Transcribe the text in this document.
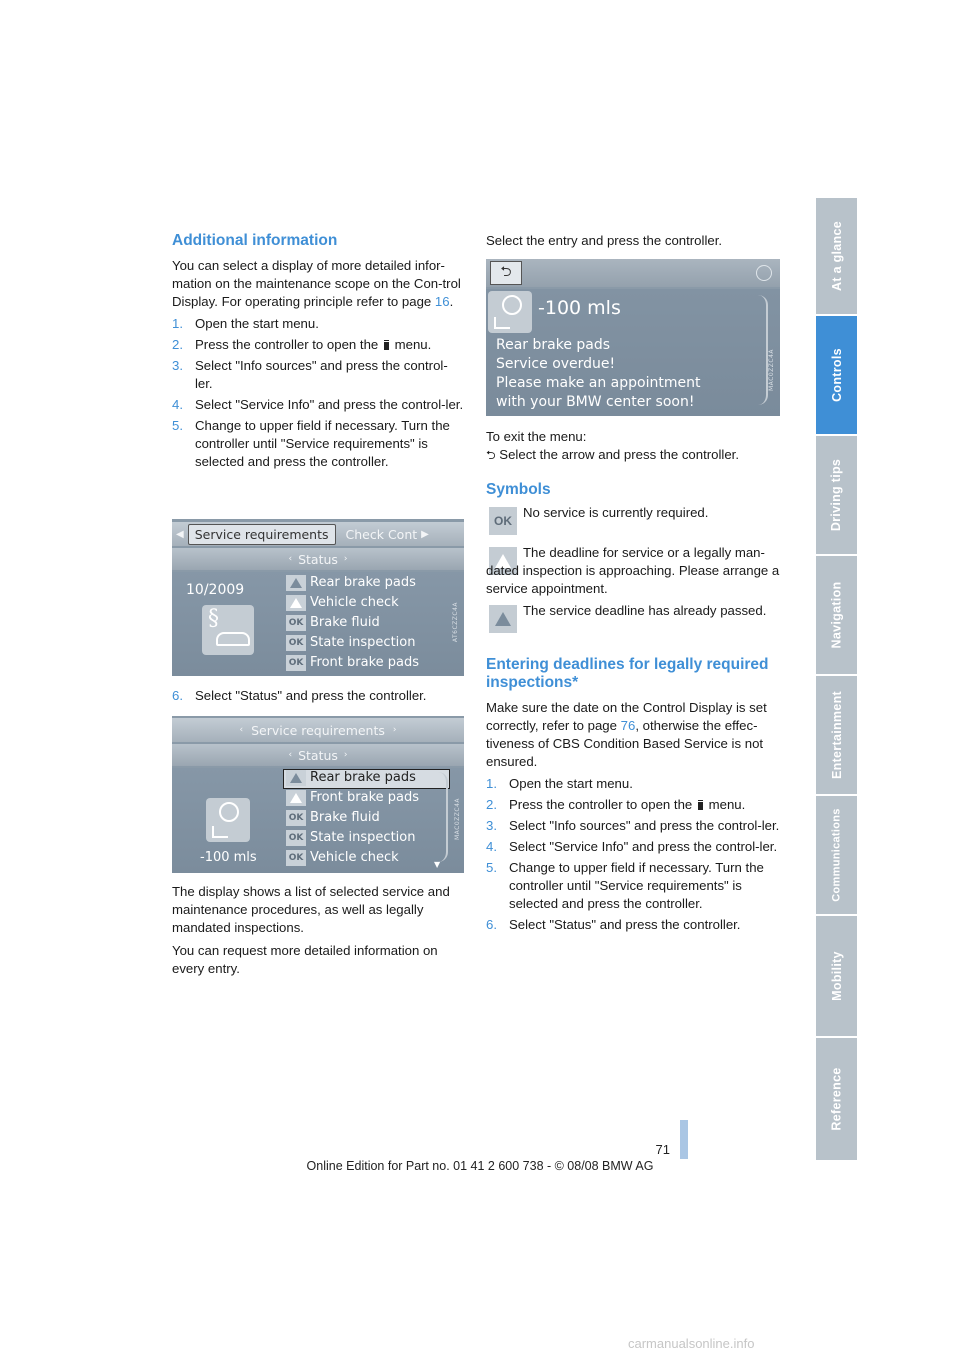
Additional information

You can select a display of more detailed infor-mation on the maintenance scope on the Con-trol Display. For operating principle refer to page 16.

1. Open the start menu.
2. Press the controller to open the menu.
3. Select "Info sources" and press the control-ler.
4. Select "Service Info" and press the control-ler.
5. Change to upper field if necessary. Turn the controller until "Service requirements" is selected and press the controller.
◀ Service requirements	Check Cont ▶
‹ Status ›
10/2009
§
Rear brake pads
Vehicle check
OK Brake fluid
OK State inspection
OK Front brake pads
AT6CZZC4A
6. Select "Status" and press the controller.
‹ Service requirements ›
‹ Status ›
-100 mls
Rear brake pads
Front brake pads
OK Brake fluid
OK State inspection
OK Vehicle check	▼
MAC0ZZC4A

The display shows a list of selected service and maintenance procedures, as well as legally mandated inspections.

You can request more detailed information on every entry.

Select the entry and press the controller.

⮌
-100 mls
Rear brake pads
Service overdue!
Please make an appointment
with your BMW center soon!
MAC0ZZC4A

To exit the menu:

⮌ Select the arrow and press the controller.

Symbols
OK

No service is currently required.

The deadline for service or a legally man-dated inspection is approaching. Please arrange a service appointment.

The service deadline has already passed.

Entering deadlines for legally required inspections*

Make sure the date on the Control Display is set correctly, refer to page 76, otherwise the effec-tiveness of CBS Condition Based Service is not ensured.

1. Open the start menu.
2. Press the controller to open the menu.
3. Select "Info sources" and press the control-ler.
4. Select "Service Info" and press the control-ler.
5. Change to upper field if necessary. Turn the controller until "Service requirements" is selected and press the controller.
6. Select "Status" and press the controller.
At a glance
Controls
Driving tips
Navigation
Entertainment
Communications
Mobility
Reference
71
Online Edition for Part no. 01 41 2 600 738 - © 08/08 BMW AG
carmanualsonline.info
